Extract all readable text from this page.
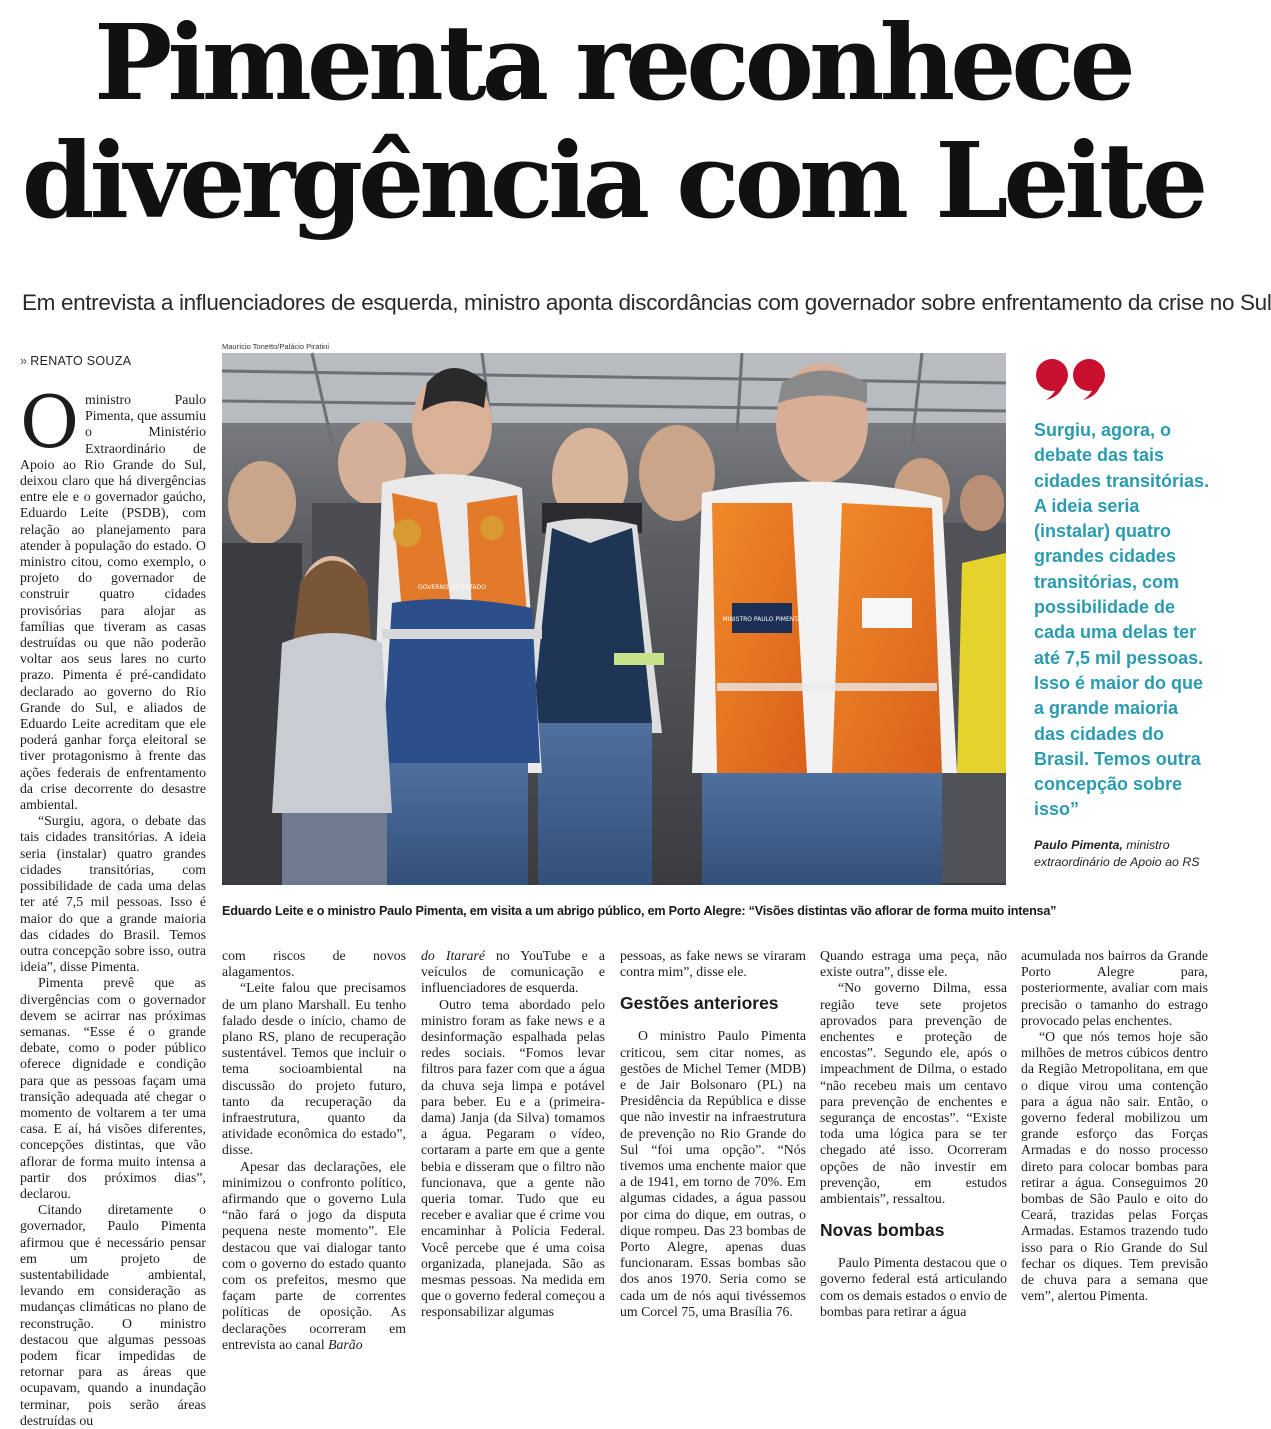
Pimenta reconhece
divergência com Leite
Em entrevista a influenciadores de esquerda, ministro aponta discordâncias com governador sobre enfrentamento da crise no Sul
» RENATO SOUZA

Oministro Paulo Pimenta, que assumiu o Ministério Extraordinário de Apoio ao Rio Grande do Sul, deixou claro que há divergências entre ele e o governador gaúcho, Eduardo Leite (PSDB), com relação ao planejamento para atender à população do estado. O ministro citou, como exemplo, o projeto do governador de construir quatro cidades provisórias para alojar as famílias que tiveram as casas destruídas ou que não poderão voltar aos seus lares no curto prazo. Pimenta é pré-candidato declarado ao governo do Rio Grande do Sul, e aliados de Eduardo Leite acreditam que ele poderá ganhar força eleitoral se tiver protagonismo à frente das ações federais de enfrentamento da crise decorrente do desastre ambiental.

“Surgiu, agora, o debate das tais cidades transitórias. A ideia seria (instalar) quatro grandes cidades transitórias, com possibilidade de cada uma delas ter até 7,5 mil pessoas. Isso é maior do que a grande maioria das cidades do Brasil. Temos outra concepção sobre isso, outra ideia”, disse Pimenta.

Pimenta prevê que as divergências com o governador devem se acirrar nas próximas semanas. “Esse é o grande debate, como o poder público oferece dignidade e condição para que as pessoas façam uma transição adequada até chegar o momento de voltarem a ter uma casa. E aí, há visões diferentes, concepções distintas, que vão aflorar de forma muito intensa a partir dos próximos dias”, declarou.

Citando diretamente o governador, Paulo Pimenta afirmou que é necessário pensar em um projeto de sustentabilidade ambiental, levando em consideração as mudanças climáticas no plano de reconstrução. O ministro destacou que algumas pessoas podem ficar impedidas de retornar para as áreas que ocupavam, quando a inundação terminar, pois serão áreas destruídas ou

Maurício Tonetto/Palácio Piratini
MINISTRO PAULO PIMENTA
GOVERNO DO ESTADO
Eduardo Leite e o ministro Paulo Pimenta, em visita a um abrigo público, em Porto Alegre: “Visões distintas vão aflorar de forma muito intensa”
Surgiu, agora, o debate das tais cidades transitórias. A ideia seria (instalar) quatro grandes cidades transitórias, com possibilidade de cada uma delas ter até 7,5 mil pessoas. Isso é maior do que a grande maioria das cidades do Brasil. Temos outra concepção sobre isso”
Paulo Pimenta, ministro extraordinário de Apoio ao RS

com riscos de novos alagamentos.

“Leite falou que precisamos de um plano Marshall. Eu tenho falado desde o início, chamo de plano RS, plano de recuperação sustentável. Temos que incluir o tema socioambiental na discussão do projeto futuro, tanto da recuperação da infraestrutura, quanto da atividade econômica do estado”, disse.

Apesar das declarações, ele minimizou o confronto político, afirmando que o governo Lula “não fará o jogo da disputa pequena neste momento”. Ele destacou que vai dialogar tanto com o governo do estado quanto com os prefeitos, mesmo que façam parte de correntes políticas de oposição. As declarações ocorreram em entrevista ao canal Barão

do Itararé no YouTube e a veículos de comunicação e influenciadores de esquerda.

Outro tema abordado pelo ministro foram as fake news e a desinformação espalhada pelas redes sociais. “Fomos levar filtros para fazer com que a água da chuva seja limpa e potável para beber. Eu e a (primeira-dama) Janja (da Silva) tomamos a água. Pegaram o vídeo, cortaram a parte em que a gente bebia e disseram que o filtro não funcionava, que a gente não queria tomar. Tudo que eu receber e avaliar que é crime vou encaminhar à Polícia Federal. Você percebe que é uma coisa organizada, planejada. São as mesmas pessoas. Na medida em que o governo federal começou a responsabilizar algumas

pessoas, as fake news se viraram contra mim”, disse ele.

Gestões anteriores

O ministro Paulo Pimenta criticou, sem citar nomes, as gestões de Michel Temer (MDB) e de Jair Bolsonaro (PL) na Presidência da República e disse que não investir na infraestrutura de prevenção no Rio Grande do Sul “foi uma opção”. “Nós tivemos uma enchente maior que a de 1941, em torno de 70%. Em algumas cidades, a água passou por cima do dique, em outras, o dique rompeu. Das 23 bombas de Porto Alegre, apenas duas funcionaram. Essas bombas são dos anos 1970. Seria como se cada um de nós aqui tivéssemos um Corcel 75, uma Brasília 76.

Quando estraga uma peça, não existe outra”, disse ele.

“No governo Dilma, essa região teve sete projetos aprovados para prevenção de enchentes e proteção de encostas”. Segundo ele, após o impeachment de Dilma, o estado “não recebeu mais um centavo para prevenção de enchentes e segurança de encostas”. “Existe toda uma lógica para se ter chegado até isso. Ocorreram opções de não investir em prevenção, em estudos ambientais”, ressaltou.

Novas bombas

Paulo Pimenta destacou que o governo federal está articulando com os demais estados o envio de bombas para retirar a água

acumulada nos bairros da Grande Porto Alegre para, posteriormente, avaliar com mais precisão o tamanho do estrago provocado pelas enchentes.

“O que nós temos hoje são milhões de metros cúbicos dentro da Região Metropolitana, em que o dique virou uma contenção para a água não sair. Então, o governo federal mobilizou um grande esforço das Forças Armadas e do nosso processo direto para colocar bombas para retirar a água. Conseguimos 20 bombas de São Paulo e oito do Ceará, trazidas pelas Forças Armadas. Estamos trazendo tudo isso para o Rio Grande do Sul fechar os diques. Tem previsão de chuva para a semana que vem”, alertou Pimenta.
